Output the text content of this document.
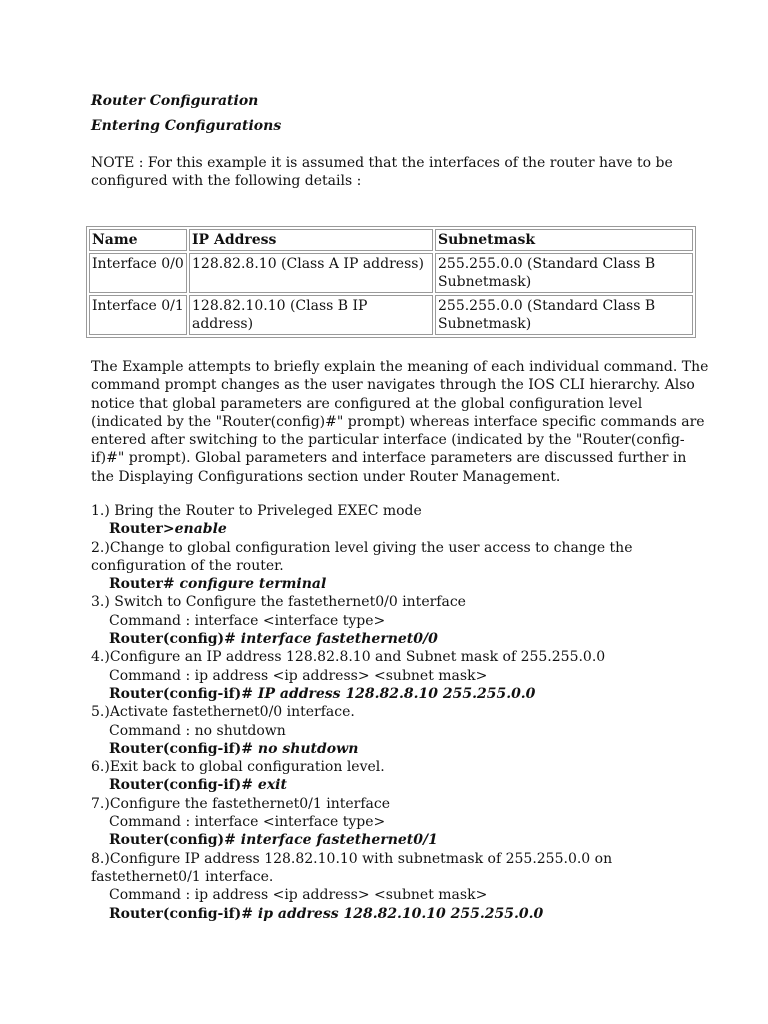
Router Configuration
Entering Configurations

NOTE : For this example it is assumed that the interfaces of the router have to be configured with the following details :

Name	IP Address	Subnetmask
Interface 0/0	128.82.8.10 (Class A IP address)	255.255.0.0 (Standard Class B Subnetmask)
Interface 0/1	128.82.10.10 (Class B IP address)	255.255.0.0 (Standard Class B Subnetmask)

The Example attempts to briefly explain the meaning of each individual command. The command prompt changes as the user navigates through the IOS CLI hierarchy. Also notice that global parameters are configured at the global configuration level (indicated by the "Router(config)#" prompt) whereas interface specific commands are entered after switching to the particular interface (indicated by the "Router(config-if)#" prompt). Global parameters and interface parameters are discussed further in the Displaying Configurations section under Router Management.

1.) Bring the Router to Priveleged EXEC mode
Router>enable
2.)Change to global configuration level giving the user access to change the configuration of the router.
Router# configure terminal
3.) Switch to Configure the fastethernet0/0 interface
Command : interface <interface type>
Router(config)# interface fastethernet0/0
4.)Configure an IP address 128.82.8.10 and Subnet mask of 255.255.0.0
Command : ip address <ip address> <subnet mask>
Router(config-if)# IP address 128.82.8.10 255.255.0.0
5.)Activate fastethernet0/0 interface.
Command : no shutdown
Router(config-if)# no shutdown
6.)Exit back to global configuration level.
Router(config-if)# exit
7.)Configure the fastethernet0/1 interface
Command : interface <interface type>
Router(config)# interface fastethernet0/1
8.)Configure IP address 128.82.10.10 with subnetmask of 255.255.0.0 on fastethernet0/1 interface.
Command : ip address <ip address> <subnet mask>
Router(config-if)# ip address 128.82.10.10 255.255.0.0
